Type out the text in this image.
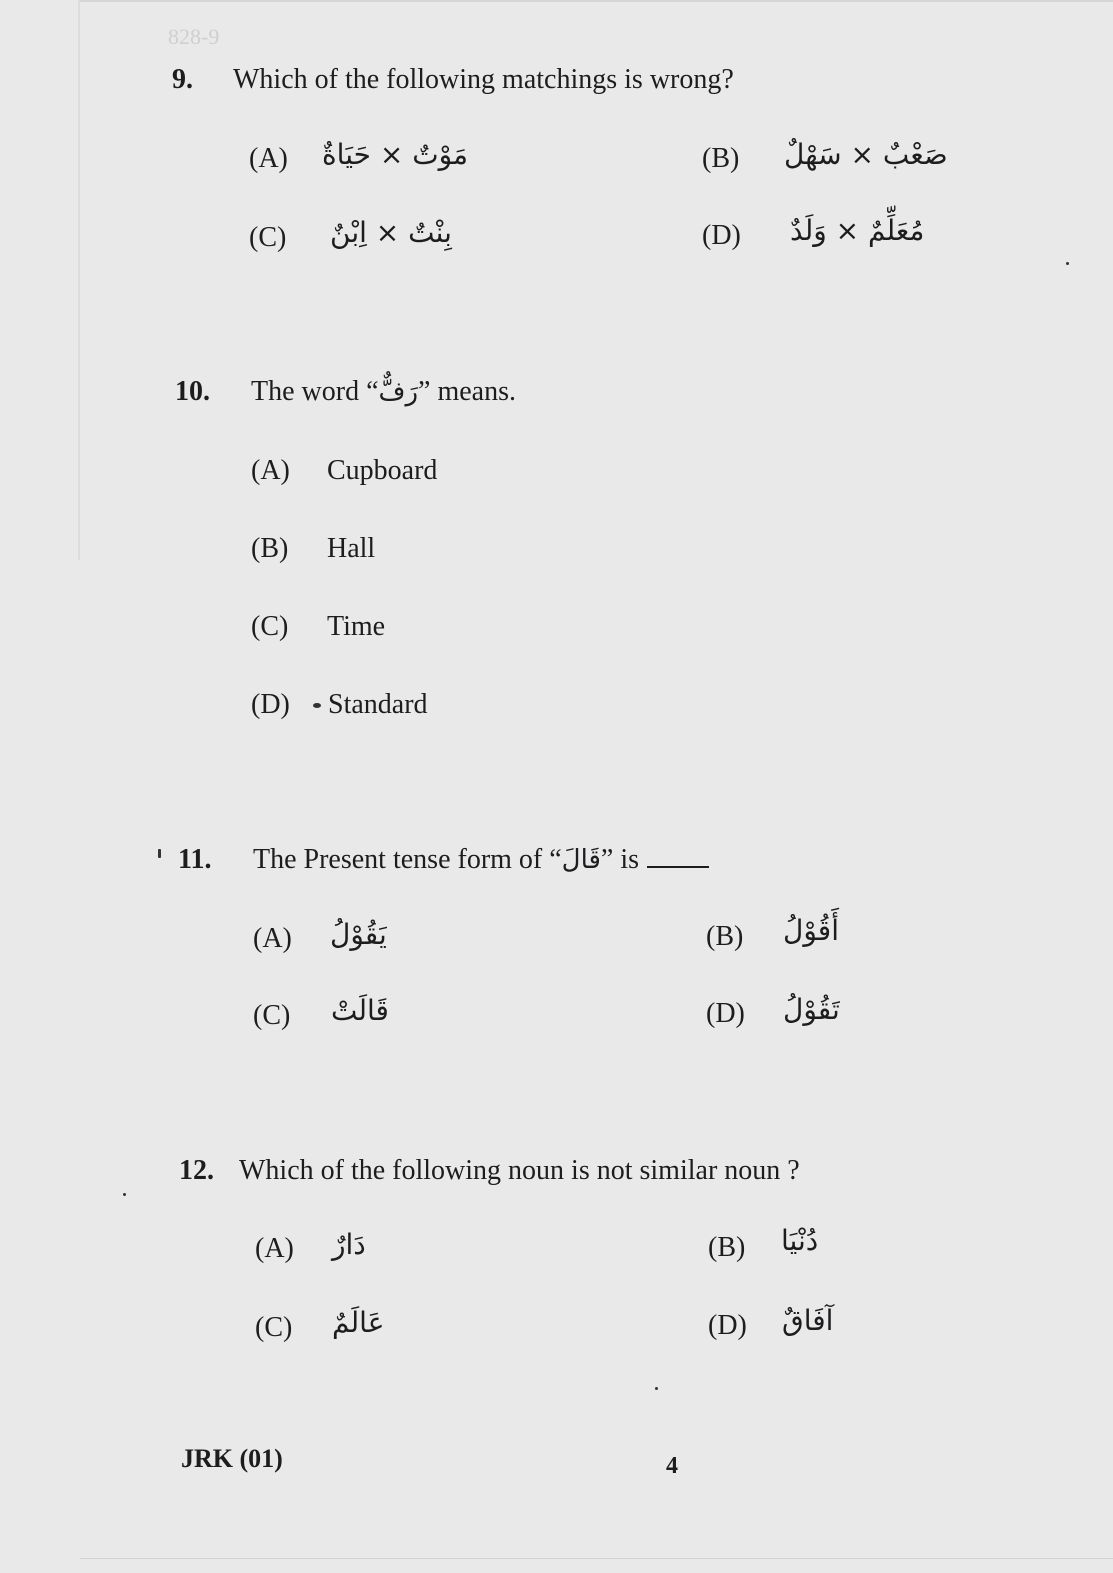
828-9
9. Which of the following matchings is wrong?
(A) مَوْتٌ × حَيَاةٌ	(B) صَعْبٌ × سَهْلٌ
(C) بِنْتٌ × اِبْنٌ	(D) مُعَلِّمٌ × وَلَدٌ
10. The word “رَفٌّ” means.
(A) Cupboard
(B) Hall
(C) Time
(D) Standard
11. The Present tense form of “قَالَ” is
(A) يَقُوْلُ	(B) أَقُوْلُ
(C) قَالَتْ	(D) تَقُوْلُ
12. Which of the following noun is not similar noun ?
(A) دَارٌ	(B) دُنْيَا
(C) عَالَمٌ	(D) آفَاقٌ
JRK (01)	4
